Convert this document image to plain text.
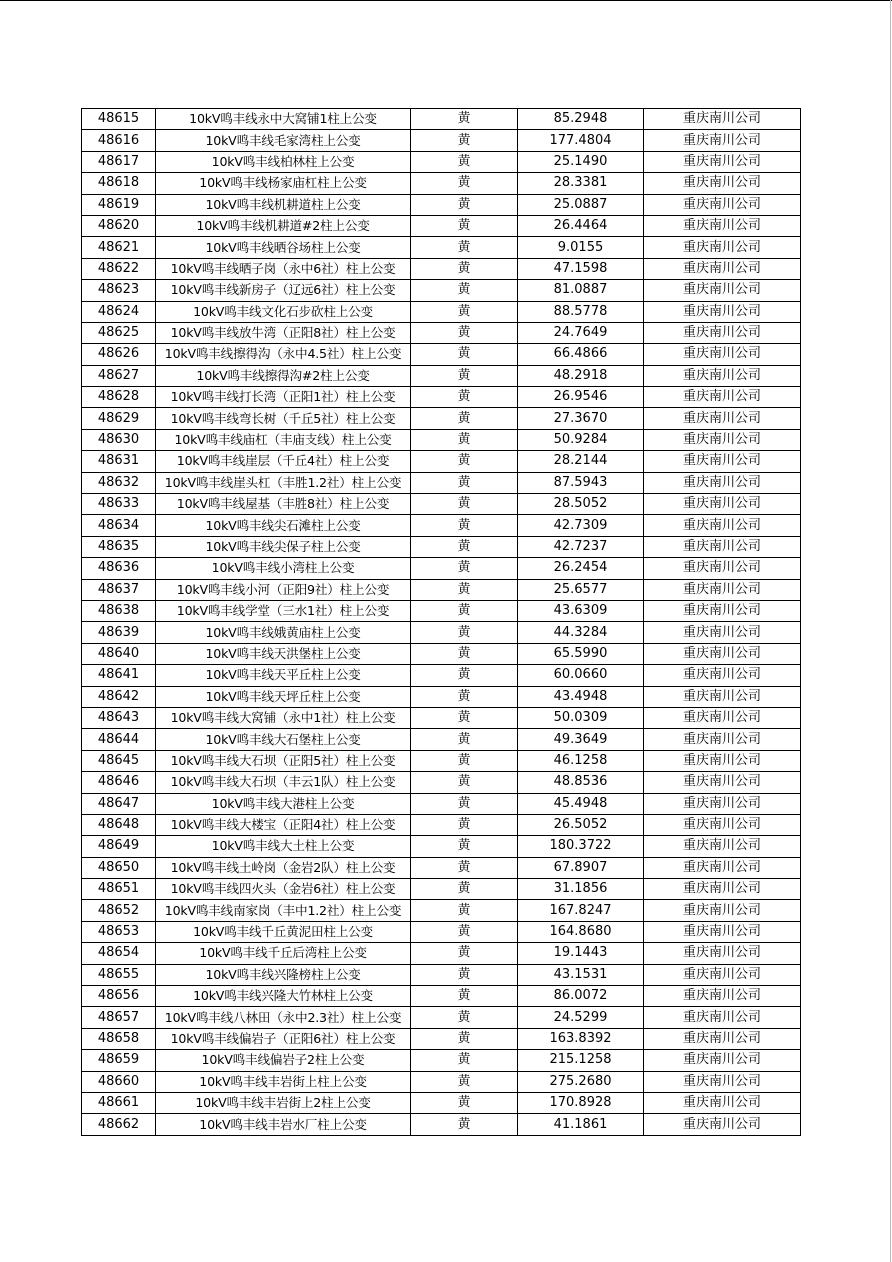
48615	10kV鸣丰线永中大窝铺1柱上公变	黄	85.2948	重庆南川公司
48616	10kV鸣丰线毛家湾柱上公变	黄	177.4804	重庆南川公司
48617	10kV鸣丰线柏林柱上公变	黄	25.1490	重庆南川公司
48618	10kV鸣丰线杨家庙杠柱上公变	黄	28.3381	重庆南川公司
48619	10kV鸣丰线机耕道柱上公变	黄	25.0887	重庆南川公司
48620	10kV鸣丰线机耕道#2柱上公变	黄	26.4464	重庆南川公司
48621	10kV鸣丰线晒谷场柱上公变	黄	9.0155	重庆南川公司
48622	10kV鸣丰线晒子岗（永中6社）柱上公变	黄	47.1598	重庆南川公司
48623	10kV鸣丰线新房子（辽远6社）柱上公变	黄	81.0887	重庆南川公司
48624	10kV鸣丰线文化石步砍柱上公变	黄	88.5778	重庆南川公司
48625	10kV鸣丰线放牛湾（正阳8社）柱上公变	黄	24.7649	重庆南川公司
48626	10kV鸣丰线擦得沟（永中4.5社）柱上公变	黄	66.4866	重庆南川公司
48627	10kV鸣丰线擦得沟#2柱上公变	黄	48.2918	重庆南川公司
48628	10kV鸣丰线打长湾（正阳1社）柱上公变	黄	26.9546	重庆南川公司
48629	10kV鸣丰线弯长树（千丘5社）柱上公变	黄	27.3670	重庆南川公司
48630	10kV鸣丰线庙杠（丰庙支线）柱上公变	黄	50.9284	重庆南川公司
48631	10kV鸣丰线崖层（千丘4社）柱上公变	黄	28.2144	重庆南川公司
48632	10kV鸣丰线崖头杠（丰胜1.2社）柱上公变	黄	87.5943	重庆南川公司
48633	10kV鸣丰线屋基（丰胜8社）柱上公变	黄	28.5052	重庆南川公司
48634	10kV鸣丰线尖石滩柱上公变	黄	42.7309	重庆南川公司
48635	10kV鸣丰线尖保子柱上公变	黄	42.7237	重庆南川公司
48636	10kV鸣丰线小湾柱上公变	黄	26.2454	重庆南川公司
48637	10kV鸣丰线小河（正阳9社）柱上公变	黄	25.6577	重庆南川公司
48638	10kV鸣丰线学堂（三水1社）柱上公变	黄	43.6309	重庆南川公司
48639	10kV鸣丰线娥黄庙柱上公变	黄	44.3284	重庆南川公司
48640	10kV鸣丰线天洪堡柱上公变	黄	65.5990	重庆南川公司
48641	10kV鸣丰线天平丘柱上公变	黄	60.0660	重庆南川公司
48642	10kV鸣丰线天坪丘柱上公变	黄	43.4948	重庆南川公司
48643	10kV鸣丰线大窝铺（永中1社）柱上公变	黄	50.0309	重庆南川公司
48644	10kV鸣丰线大石堡柱上公变	黄	49.3649	重庆南川公司
48645	10kV鸣丰线大石坝（正阳5社）柱上公变	黄	46.1258	重庆南川公司
48646	10kV鸣丰线大石坝（丰云1队）柱上公变	黄	48.8536	重庆南川公司
48647	10kV鸣丰线大港柱上公变	黄	45.4948	重庆南川公司
48648	10kV鸣丰线大楼宝（正阳4社）柱上公变	黄	26.5052	重庆南川公司
48649	10kV鸣丰线大土柱上公变	黄	180.3722	重庆南川公司
48650	10kV鸣丰线土岭岗（金岩2队）柱上公变	黄	67.8907	重庆南川公司
48651	10kV鸣丰线四火头（金岩6社）柱上公变	黄	31.1856	重庆南川公司
48652	10kV鸣丰线南家岗（丰中1.2社）柱上公变	黄	167.8247	重庆南川公司
48653	10kV鸣丰线千丘黄泥田柱上公变	黄	164.8680	重庆南川公司
48654	10kV鸣丰线千丘后湾柱上公变	黄	19.1443	重庆南川公司
48655	10kV鸣丰线兴隆榜柱上公变	黄	43.1531	重庆南川公司
48656	10kV鸣丰线兴隆大竹林柱上公变	黄	86.0072	重庆南川公司
48657	10kV鸣丰线八林田（永中2.3社）柱上公变	黄	24.5299	重庆南川公司
48658	10kV鸣丰线偏岩子（正阳6社）柱上公变	黄	163.8392	重庆南川公司
48659	10kV鸣丰线偏岩子2柱上公变	黄	215.1258	重庆南川公司
48660	10kV鸣丰线丰岩街上柱上公变	黄	275.2680	重庆南川公司
48661	10kV鸣丰线丰岩街上2柱上公变	黄	170.8928	重庆南川公司
48662	10kV鸣丰线丰岩水厂柱上公变	黄	41.1861	重庆南川公司
